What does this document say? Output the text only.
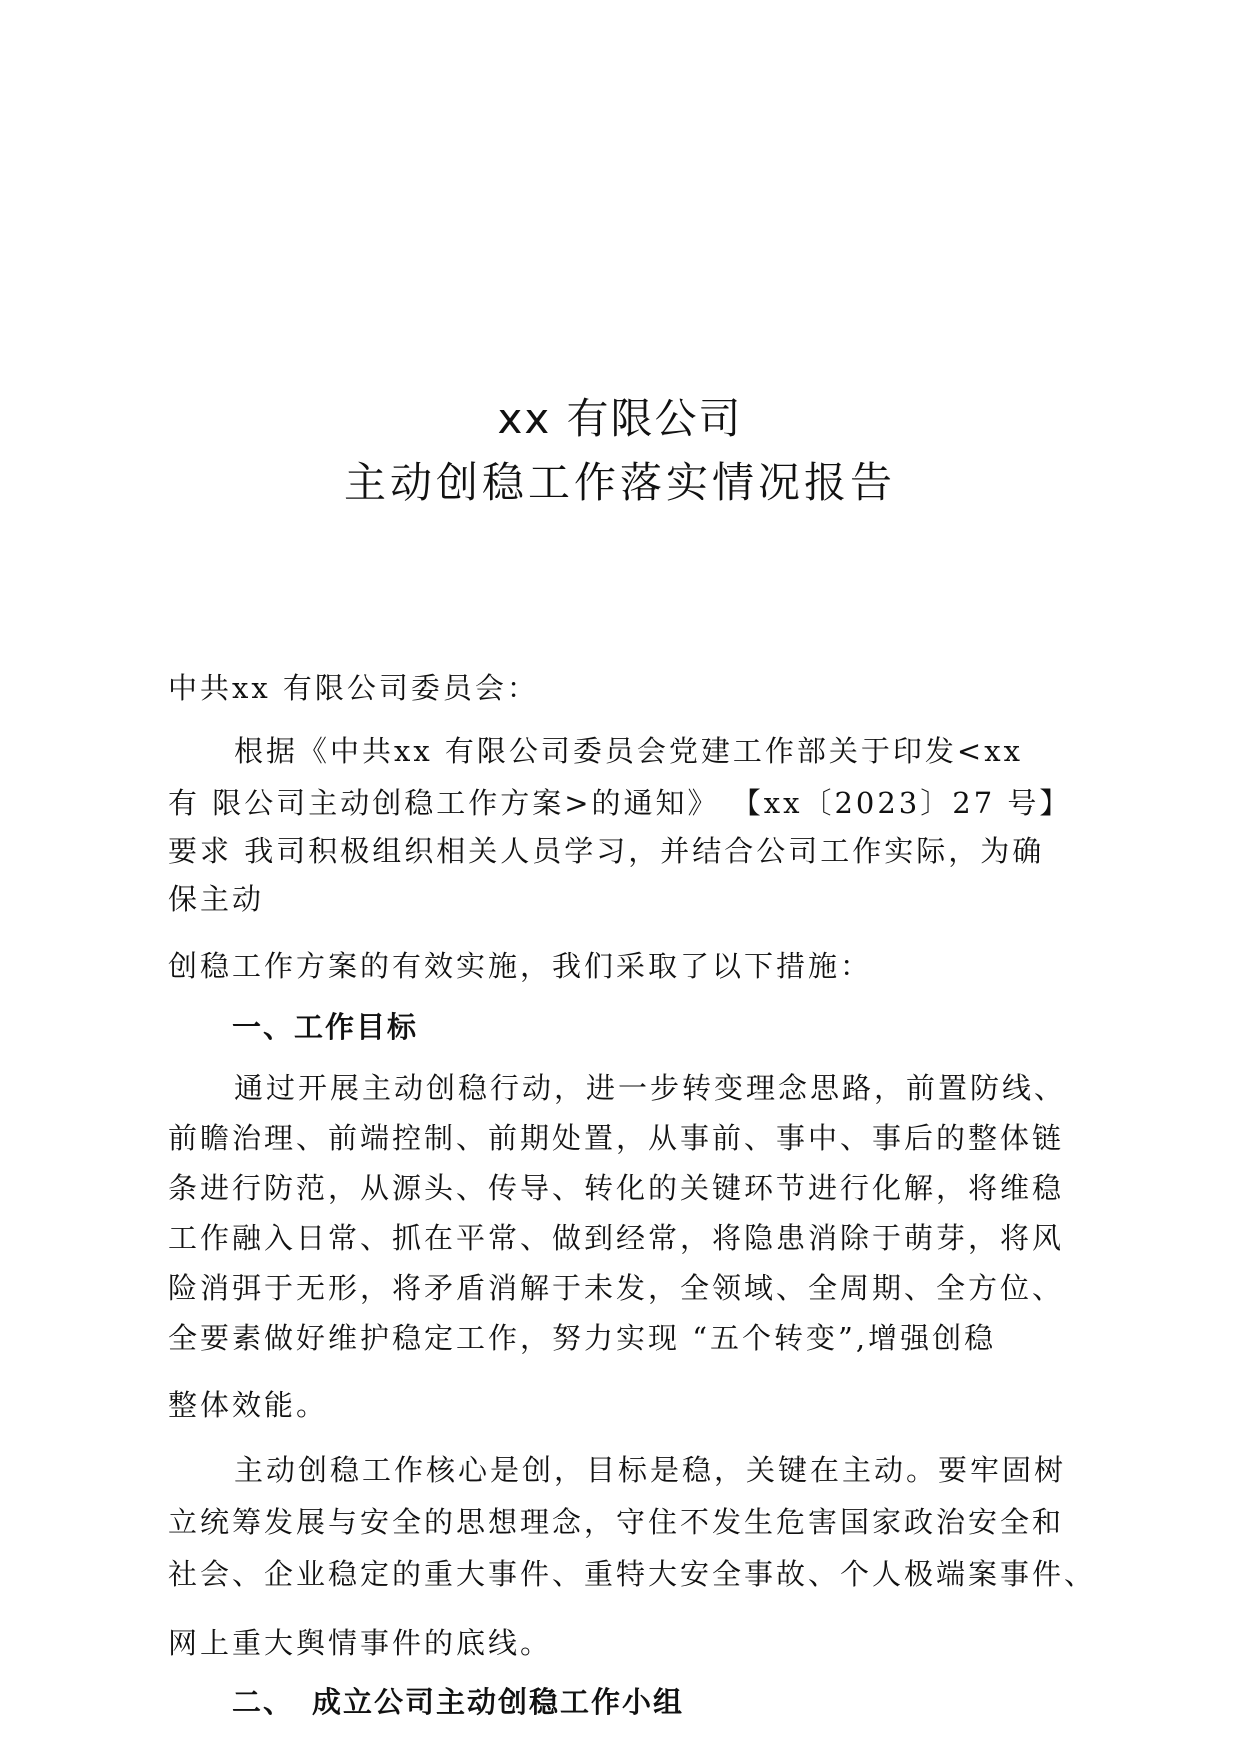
xx 有限公司
主动创稳工作落实情况报告
中共xx 有限公司委员会：
根据《中共xx 有限公司委员会党建工作部关于印发<xx
有 限公司主动创稳工作方案>的通知》 【xx〔2023〕27 号】
要求 我司积极组织相关人员学习，并结合公司工作实际，为确
保主动
创稳工作方案的有效实施，我们采取了以下措施：
一、工作目标
通过开展主动创稳行动，进一步转变理念思路，前置防线、
前瞻治理、前端控制、前期处置，从事前、事中、事后的整体链
条进行防范，从源头、传导、转化的关键环节进行化解，将维稳
工作融入日常、抓在平常、做到经常，将隐患消除于萌芽，将风
险消弭于无形，将矛盾消解于未发，全领域、全周期、全方位、
全要素做好维护稳定工作，努力实现 “五个转变”,增强创稳
整体效能。
主动创稳工作核心是创，目标是稳，关键在主动。要牢固树
立统筹发展与安全的思想理念，守住不发生危害国家政治安全和
社会、企业稳定的重大事件、重特大安全事故、个人极端案事件、
网上重大舆情事件的底线。
二、 成立公司主动创稳工作小组
